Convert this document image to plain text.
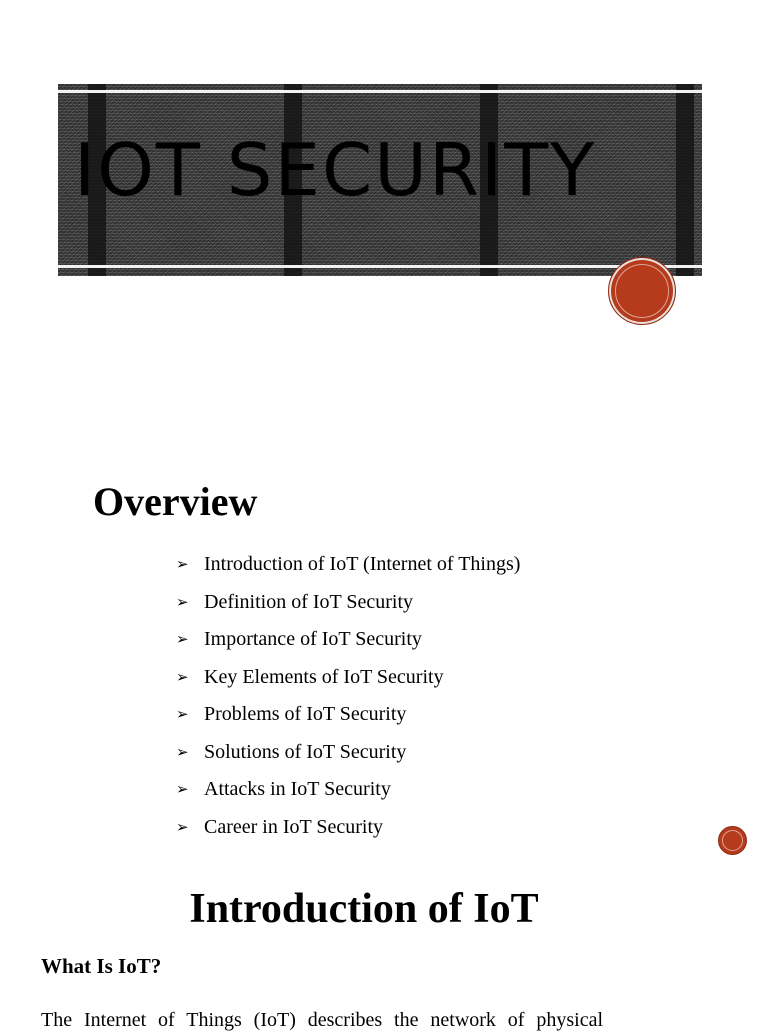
IOT SECURITY
Overview
➢ Introduction of IoT (Internet of Things)
➢ Definition of IoT Security
➢ Importance of IoT Security
➢ Key Elements of IoT Security
➢ Problems of IoT Security
➢ Solutions of IoT Security
➢ Attacks in IoT Security
➢ Career in IoT Security
Introduction of IoT
What Is IoT?

The Internet of Things (IoT) describes the network of physical
